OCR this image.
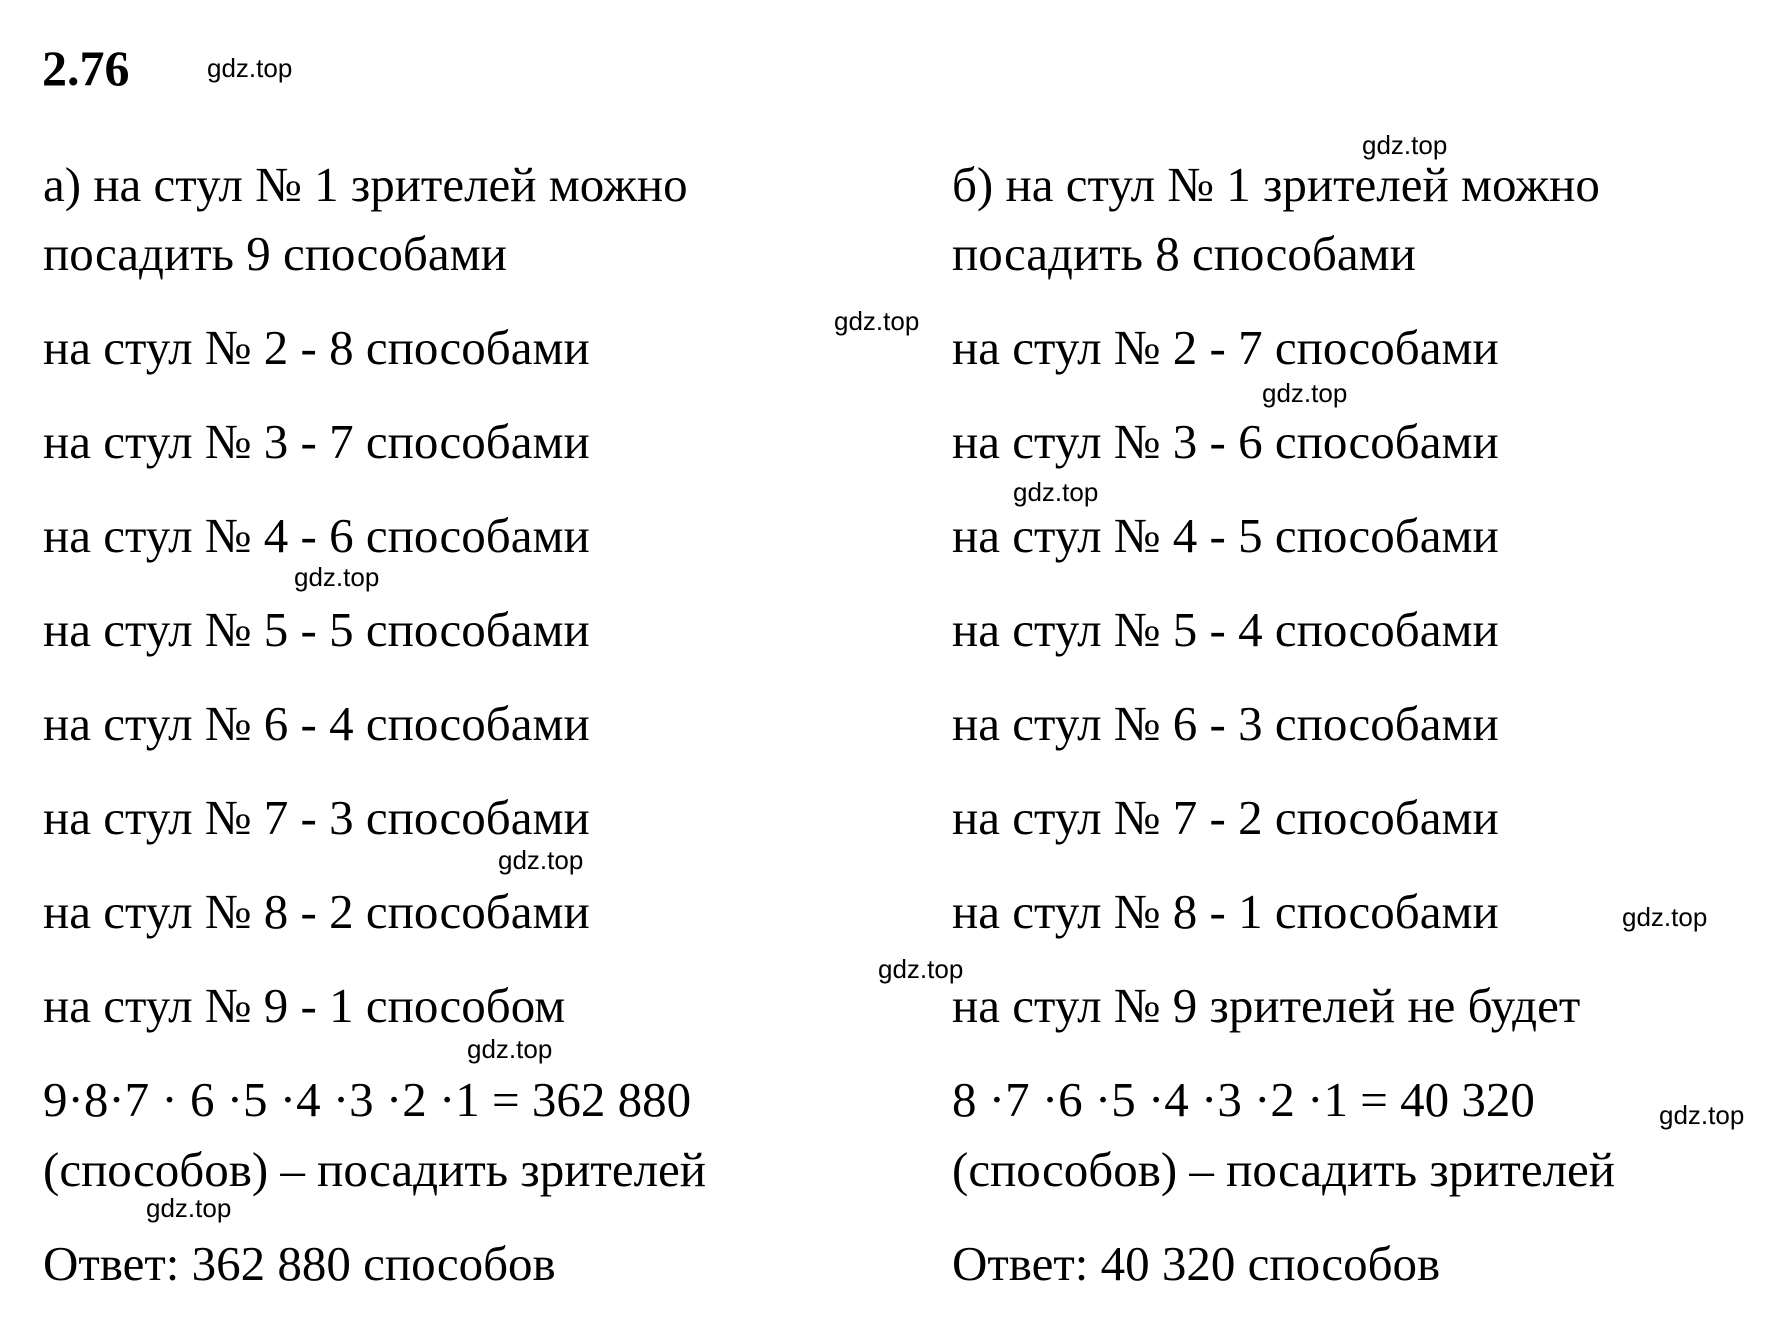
2.76
а) на стул № 1 зрителей можно
посадить 9 способами
на стул № 2 - 8 способами
на стул № 3 - 7 способами
на стул № 4 - 6 способами
на стул № 5 - 5 способами
на стул № 6 - 4 способами
на стул № 7 - 3 способами
на стул № 8 - 2 способами
на стул № 9 - 1 способом
9·8·7 · 6 ·5 ·4 ·3 ·2 ·1 = 362 880
(способов) – посадить зрителей
Ответ: 362 880 способов
б) на стул № 1 зрителей можно
посадить 8 способами
на стул № 2 - 7 способами
на стул № 3 - 6 способами
на стул № 4 - 5 способами
на стул № 5 - 4 способами
на стул № 6 - 3 способами
на стул № 7 - 2 способами
на стул № 8 - 1 способами
на стул № 9 зрителей не будет
8 ·7 ·6 ·5 ·4 ·3 ·2 ·1 = 40 320
(способов) – посадить зрителей
Ответ: 40 320 способов
gdz.top
gdz.top
gdz.top
gdz.top
gdz.top
gdz.top
gdz.top
gdz.top
gdz.top
gdz.top
gdz.top
gdz.top
